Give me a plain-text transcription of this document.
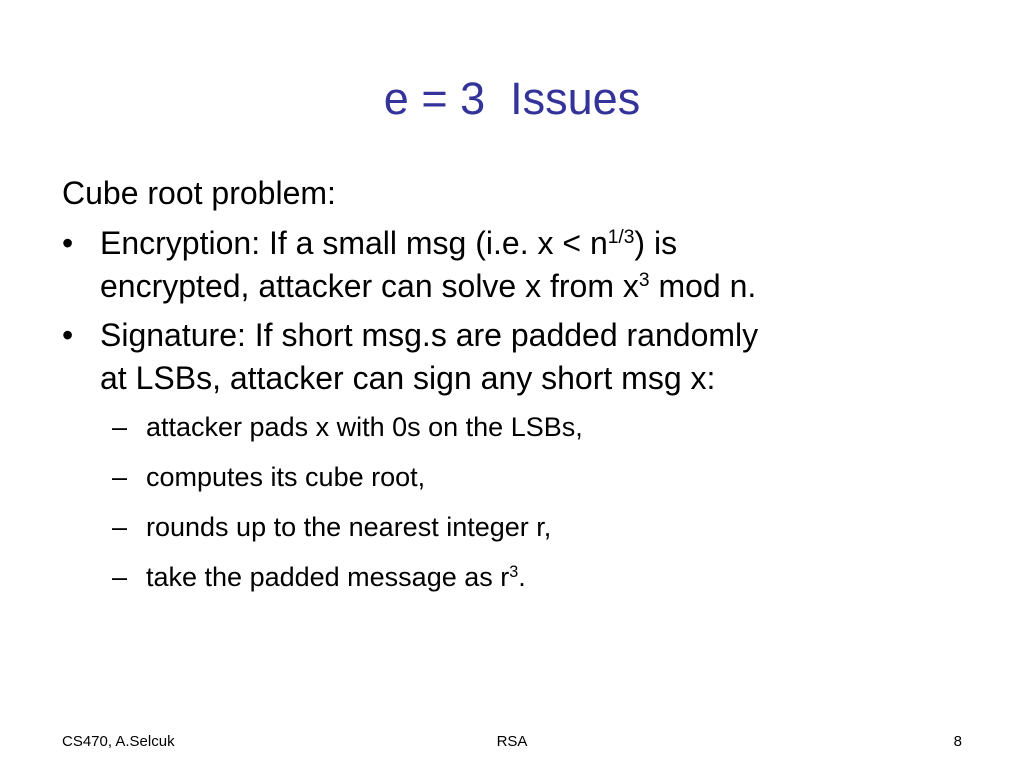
e = 3  Issues
Cube root problem:
• Encryption: If a small msg (i.e. $x < n^{1/3}$) is
encrypted, attacker can solve x from $x^3$ mod n.
• Signature: If short msg.s are padded randomly
at LSBs, attacker can sign any short msg x:
– attacker pads x with 0s on the LSBs,
– computes its cube root,
– rounds up to the nearest integer r,
– take the padded message as $r^3$.
CS470, A.Selcuk	RSA	8
